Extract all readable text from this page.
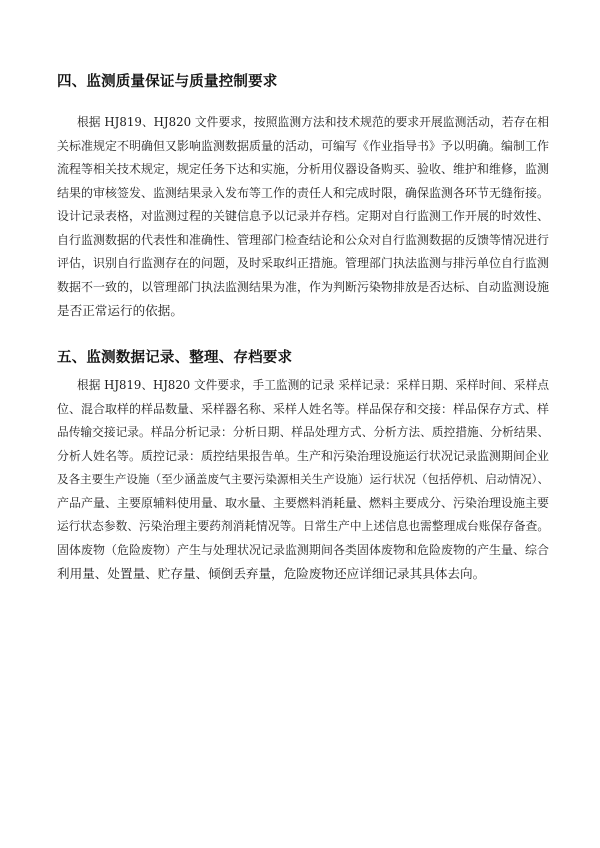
四、监测质量保证与质量控制要求
根据 HJ819、HJ820 文件要求，按照监测方法和技术规范的要求开展监测活动，若存在相
关标准规定不明确但又影响监测数据质量的活动，可编写《作业指导书》予以明确。编制工作
流程等相关技术规定，规定任务下达和实施，分析用仪器设备购买、验收、维护和维修，监测
结果的审核签发、监测结果录入发布等工作的责任人和完成时限，确保监测各环节无缝衔接。
设计记录表格，对监测过程的关键信息予以记录并存档。定期对自行监测工作开展的时效性、
自行监测数据的代表性和准确性、管理部门检查结论和公众对自行监测数据的反馈等情况进行
评估，识别自行监测存在的问题，及时采取纠正措施。管理部门执法监测与排污单位自行监测
数据不一致的，以管理部门执法监测结果为准，作为判断污染物排放是否达标、自动监测设施
是否正常运行的依据。
五、监测数据记录、整理、存档要求
根据 HJ819、HJ820 文件要求，手工监测的记录 采样记录：采样日期、采样时间、采样点
位、混合取样的样品数量、采样器名称、采样人姓名等。样品保存和交接：样品保存方式、样
品传输交接记录。样品分析记录：分析日期、样品处理方式、分析方法、质控措施、分析结果、
分析人姓名等。质控记录：质控结果报告单。生产和污染治理设施运行状况记录监测期间企业
及各主要生产设施（至少涵盖废气主要污染源相关生产设施）运行状况（包括停机、启动情况）、
产品产量、主要原辅料使用量、取水量、主要燃料消耗量、燃料主要成分、污染治理设施主要
运行状态参数、污染治理主要药剂消耗情况等。日常生产中上述信息也需整理成台账保存备查。
固体废物（危险废物）产生与处理状况记录监测期间各类固体废物和危险废物的产生量、综合
利用量、处置量、贮存量、倾倒丢弃量，危险废物还应详细记录其具体去向。
